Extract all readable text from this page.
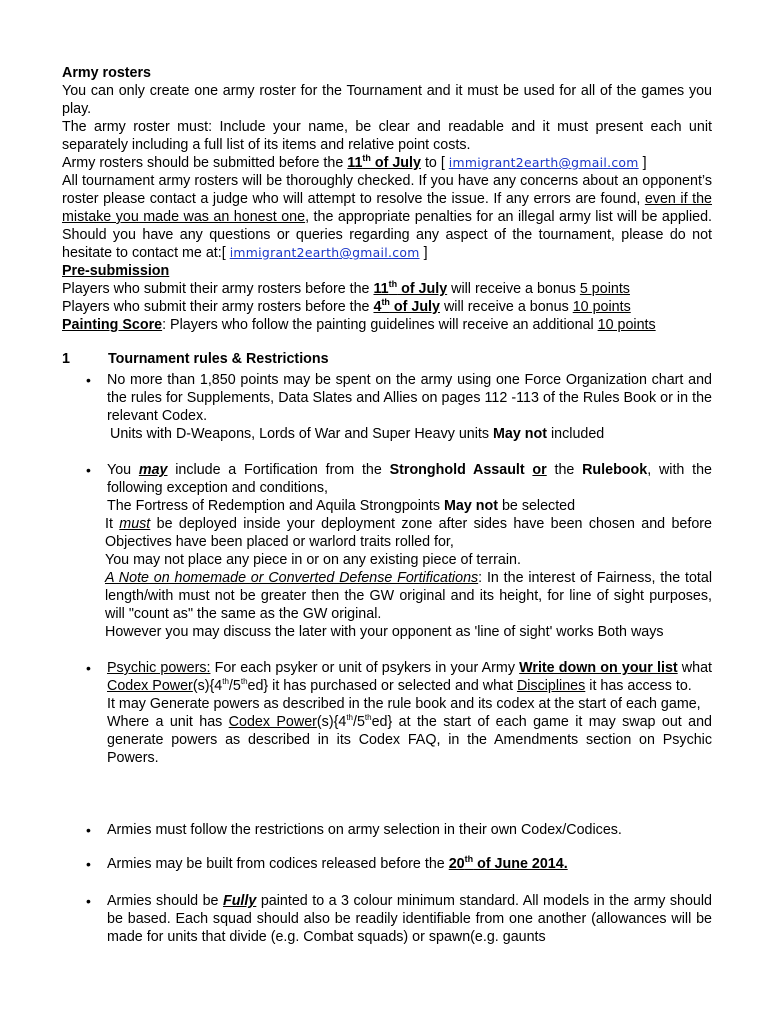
Army rosters

You can only create one army roster for the Tournament and it must be used for all of the games you play.

The army roster must: Include your name, be clear and readable and it must present each unit separately including a full list of its items and relative point costs.

Army rosters should be submitted before the 11th of July to [ immigrant2earth@gmail.com ]

All tournament army rosters will be thoroughly checked. If you have any concerns about an opponent’s roster please contact a judge who will attempt to resolve the issue. If any errors are found, even if the mistake you made was an honest one, the appropriate penalties for an illegal army list will be applied. Should you have any questions or queries regarding any aspect of the tournament, please do not hesitate to contact me at:[ immigrant2earth@gmail.com ]

Pre-submission

Players who submit their army rosters before the 11th of July will receive a bonus 5 points

Players who submit their army rosters before the 4th of July will receive a bonus 10 points

Painting Score: Players who follow the painting guidelines will receive an additional 10 points

1	Tournament rules & Restrictions
•	No more than 1,850 points may be spent on the army using one Force Organization chart and the rules for Supplements, Data Slates and Allies on pages 112 -113 of the Rules Book or in the relevant Codex.

Units with D-Weapons, Lords of War and Super Heavy units May not included

•	You may include a Fortification from the Stronghold Assault or the Rulebook, with the following exception and conditions,

The Fortress of Redemption and Aquila Strongpoints May not be selected

It must be deployed inside your deployment zone after sides have been chosen and before Objectives have been placed or warlord traits rolled for,

You may not place any piece in or on any existing piece of terrain.

A Note on homemade or Converted Defense Fortifications: In the interest of Fairness, the total length/with must not be greater then the GW original and its height, for line of sight purposes, will "count as" the same as the GW original.

However you may discuss the later with your opponent as 'line of sight' works Both ways

•	Psychic powers: For each psyker or unit of psykers in your Army Write down on your list what Codex Power(s){4th/5thed} it has purchased or selected and what Disciplines it has access to.

It may Generate powers as described in the rule book and its codex at the start of each game,

Where a unit has Codex Power(s){4th/5thed} at the start of each game it may swap out and generate powers as described in its Codex FAQ, in the Amendments section on Psychic Powers.

•	Armies must follow the restrictions on army selection in their own Codex/Codices.

•	Armies may be built from codices released before the 20th of June 2014.

•	Armies should be Fully painted to a 3 colour minimum standard. All models in the army should be based. Each squad should also be readily identifiable from one another (allowances will be made for units that divide (e.g. Combat squads) or spawn(e.g. gaunts
